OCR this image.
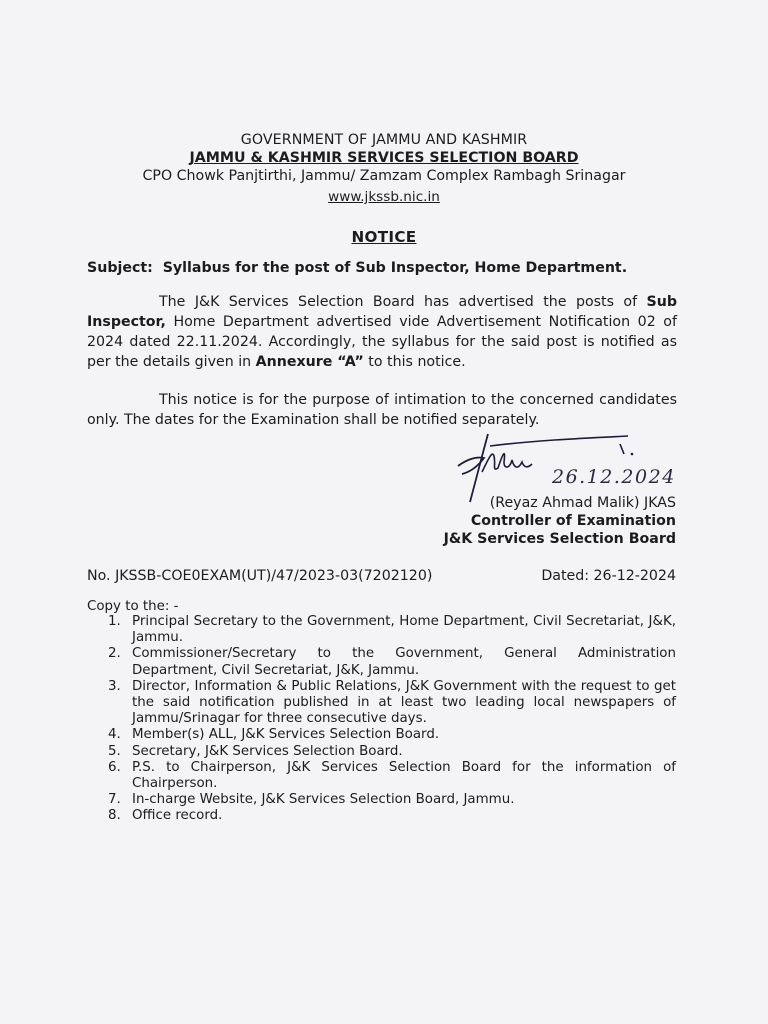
GOVERNMENT OF JAMMU AND KASHMIR
JAMMU & KASHMIR SERVICES SELECTION BOARD
CPO Chowk Panjtirthi, Jammu/ Zamzam Complex Rambagh Srinagar
www.jkssb.nic.in
NOTICE
Subject: Syllabus for the post of Sub Inspector, Home Department.

The J&K Services Selection Board has advertised the posts of Sub Inspector, Home Department advertised vide Advertisement Notification 02 of 2024 dated 22.11.2024. Accordingly, the syllabus for the said post is notified as per the details given in Annexure “A” to this notice.

This notice is for the purpose of intimation to the concerned candidates only. The dates for the Examination shall be notified separately.

26.12.2024
(Reyaz Ahmad Malik) JKAS
Controller of Examination
J&K Services Selection Board
No. JKSSB-COE0EXAM(UT)/47/2023-03(7202120)	Dated: 26-12-2024
Copy to the: -
1. Principal Secretary to the Government, Home Department, Civil Secretariat, J&K, Jammu.
2. Commissioner/Secretary to the Government, General Administration Department, Civil Secretariat, J&K, Jammu.
3. Director, Information & Public Relations, J&K Government with the request to get the said notification published in at least two leading local newspapers of Jammu/Srinagar for three consecutive days.
4. Member(s) ALL, J&K Services Selection Board.
5. Secretary, J&K Services Selection Board.
6. P.S. to Chairperson, J&K Services Selection Board for the information of Chairperson.
7. In-charge Website, J&K Services Selection Board, Jammu.
8. Office record.
